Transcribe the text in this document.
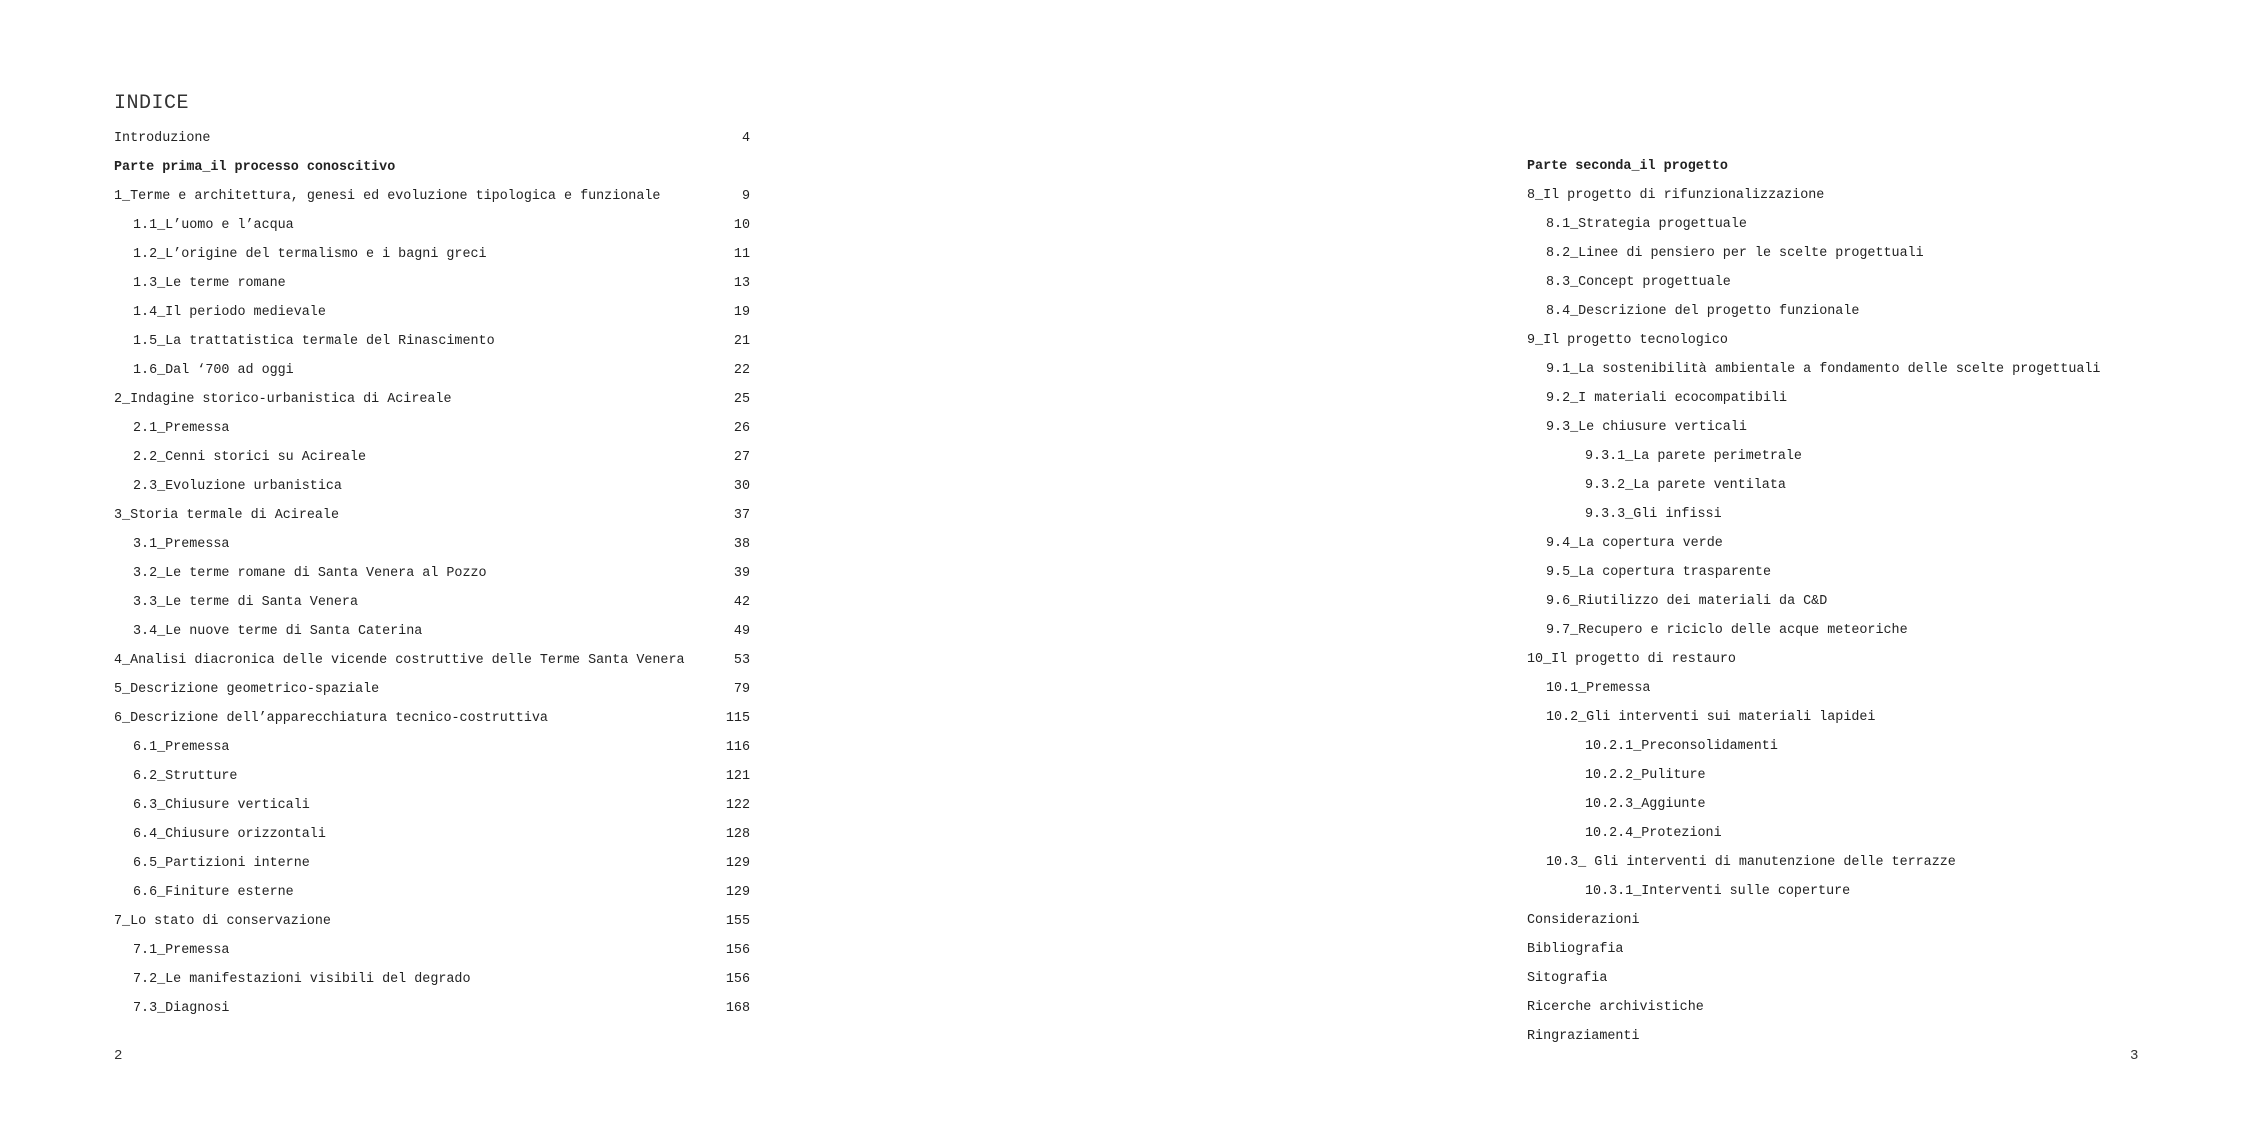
INDICE
Introduzione	4
Parte prima_il processo conoscitivo
1_Terme e architettura, genesi ed evoluzione tipologica e funzionale	9
1.1_L’uomo e l’acqua	10
1.2_L’origine del termalismo e i bagni greci	11
1.3_Le terme romane	13
1.4_Il periodo medievale	19
1.5_La trattatistica termale del Rinascimento	21
1.6_Dal ‘700 ad oggi	22
2_Indagine storico-urbanistica di Acireale	25
2.1_Premessa	26
2.2_Cenni storici su Acireale	27
2.3_Evoluzione urbanistica	30
3_Storia termale di Acireale	37
3.1_Premessa	38
3.2_Le terme romane di Santa Venera al Pozzo	39
3.3_Le terme di Santa Venera	42
3.4_Le nuove terme di Santa Caterina	49
4_Analisi diacronica delle vicende costruttive delle Terme Santa Venera	53
5_Descrizione geometrico-spaziale	79
6_Descrizione dell’apparecchiatura tecnico-costruttiva	115
6.1_Premessa	116
6.2_Strutture	121
6.3_Chiusure verticali	122
6.4_Chiusure orizzontali	128
6.5_Partizioni interne	129
6.6_Finiture esterne	129
7_Lo stato di conservazione	155
7.1_Premessa	156
7.2_Le manifestazioni visibili del degrado	156
7.3_Diagnosi	168
2
Parte seconda_il progetto
8_Il progetto di rifunzionalizzazione
8.1_Strategia progettuale
8.2_Linee di pensiero per le scelte progettuali
8.3_Concept progettuale
8.4_Descrizione del progetto funzionale
9_Il progetto tecnologico
9.1_La sostenibilità ambientale a fondamento delle scelte progettuali
9.2_I materiali ecocompatibili
9.3_Le chiusure verticali
9.3.1_La parete perimetrale
9.3.2_La parete ventilata
9.3.3_Gli infissi
9.4_La copertura verde
9.5_La copertura trasparente
9.6_Riutilizzo dei materiali da C&D
9.7_Recupero e riciclo delle acque meteoriche
10_Il progetto di restauro
10.1_Premessa
10.2_Gli interventi sui materiali lapidei
10.2.1_Preconsolidamenti
10.2.2_Puliture
10.2.3_Aggiunte
10.2.4_Protezioni
10.3_ Gli interventi di manutenzione delle terrazze
10.3.1_Interventi sulle coperture
Considerazioni
Bibliografia
Sitografia
Ricerche archivistiche
Ringraziamenti
3
